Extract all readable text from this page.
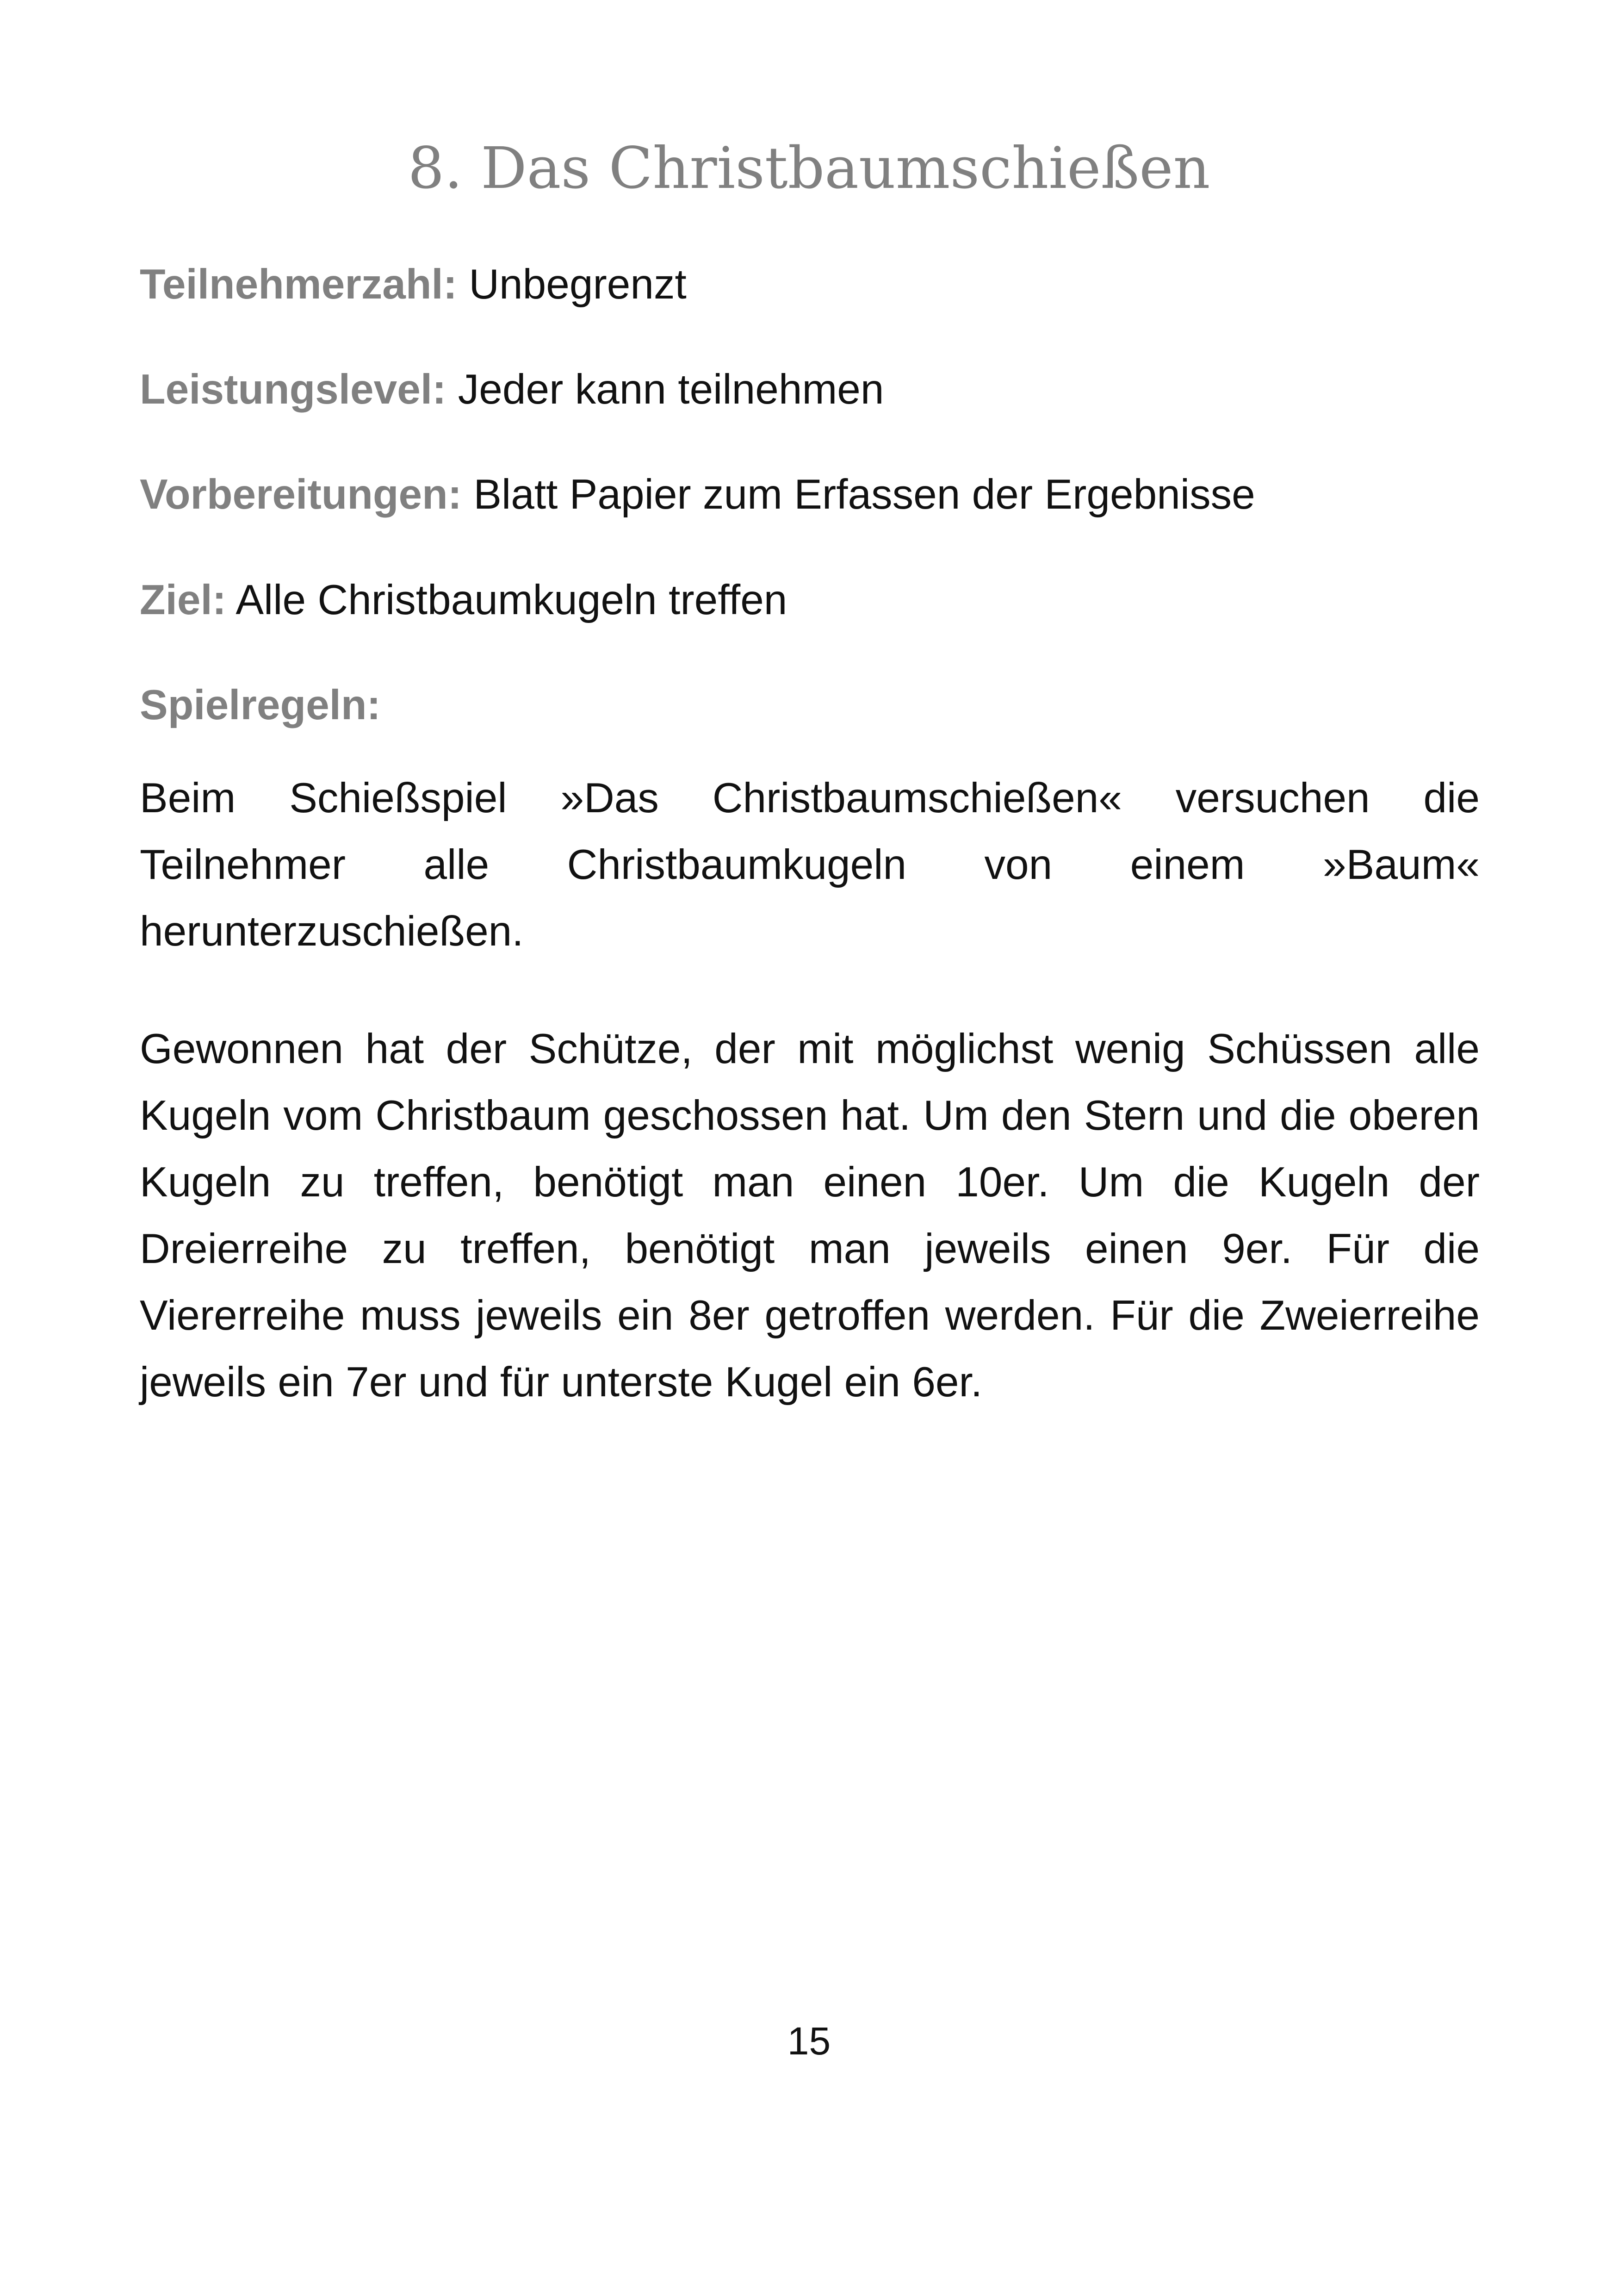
8. Das Christbaumschießen

Teilnehmerzahl: Unbegrenzt

Leistungslevel: Jeder kann teilnehmen

Vorbereitungen: Blatt Papier zum Erfassen der Ergebnisse

Ziel: Alle Christbaumkugeln treffen

Spielregeln:

Beim Schießspiel »Das Christbaumschießen« versuchen die Teilnehmer alle Christbaumkugeln von einem »Baum« herunterzuschießen.

Gewonnen hat der Schütze, der mit möglichst wenig Schüssen alle Kugeln vom Christbaum geschossen hat. Um den Stern und die oberen Kugeln zu treffen, benötigt man einen 10er. Um die Kugeln der Dreierreihe zu treffen, benötigt man jeweils einen 9er. Für die Viererreihe muss jeweils ein 8er getroffen werden. Für die Zweierreihe jeweils ein 7er und für unterste Kugel ein 6er.

15
